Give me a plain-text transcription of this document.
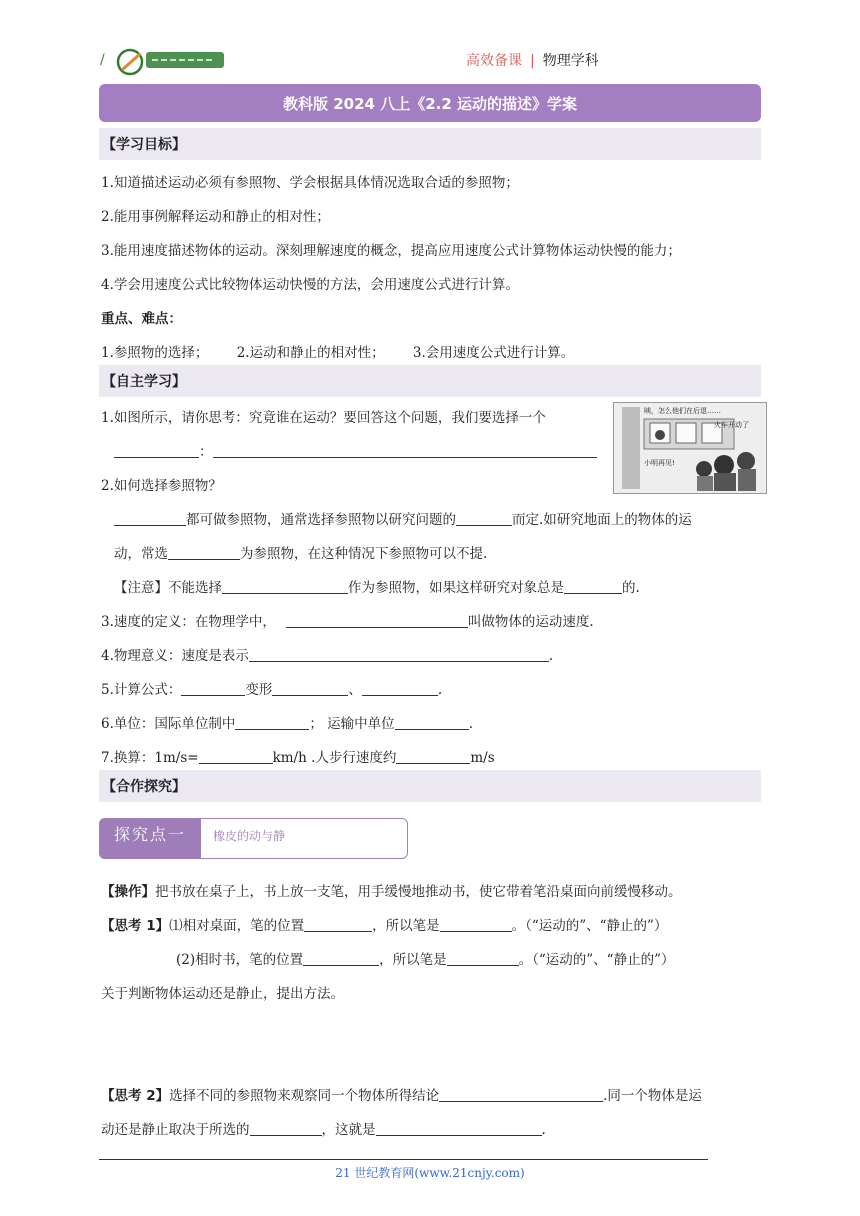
/	高效备课 | 物理学科
教科版 2024 八上《2.2 运动的描述》学案
【学习目标】
1.知道描述运动必须有参照物、学会根据具体情况选取合适的参照物；
2.能用事例解释运动和静止的相对性；
3.能用速度描述物体的运动。深刻理解速度的概念，提高应用速度公式计算物体运动快慢的能力；
4.学会用速度公式比较物体运动快慢的方法，会用速度公式进行计算。
重点、难点：
1.参照物的选择； 2.运动和静止的相对性； 3.会用速度公式进行计算。
【自主学习】
1.如图所示，请你思考：究竟谁在运动？要回答这个问题，我们要选择一个
：
咦，怎么他们在后退……
火车开动了
小明再见!
2.如何选择参照物？
都可做参照物，通常选择参照物以研究问题的	而定.如研究地面上的物体的运
动，常选	为参照物，在这种情况下参照物可以不提.
【注意】不能选择	作为参照物，如果这样研究对象总是	的.
3.速度的定义：在物理学中，	叫做物体的运动速度.
4.物理意义：速度是表示	.
5.计算公式：	变形	、	.
6.单位：国际单位制中	； 运输中单位	.
7.换算：1m/s=	km/h .人步行速度约	m/s
【合作探究】
探究点一	橡皮的动与静
【操作】把书放在桌子上，书上放一支笔，用手缓慢地推动书，使它带着笔沿桌面向前缓慢移动。
【思考 1】⑴相对桌面，笔的位置	，所以笔是	。（“运动的”、“静止的”）
(2)相时书，笔的位置	，所以笔是	。（“运动的”、“静止的”）
关于判断物体运动还是静止，提出方法。
【思考 2】选择不同的参照物来观察同一个物体所得结论	.同一个物体是运
动还是静止取决于所选的	，这就是	.
21 世纪教育网(www.21cnjy.com)
